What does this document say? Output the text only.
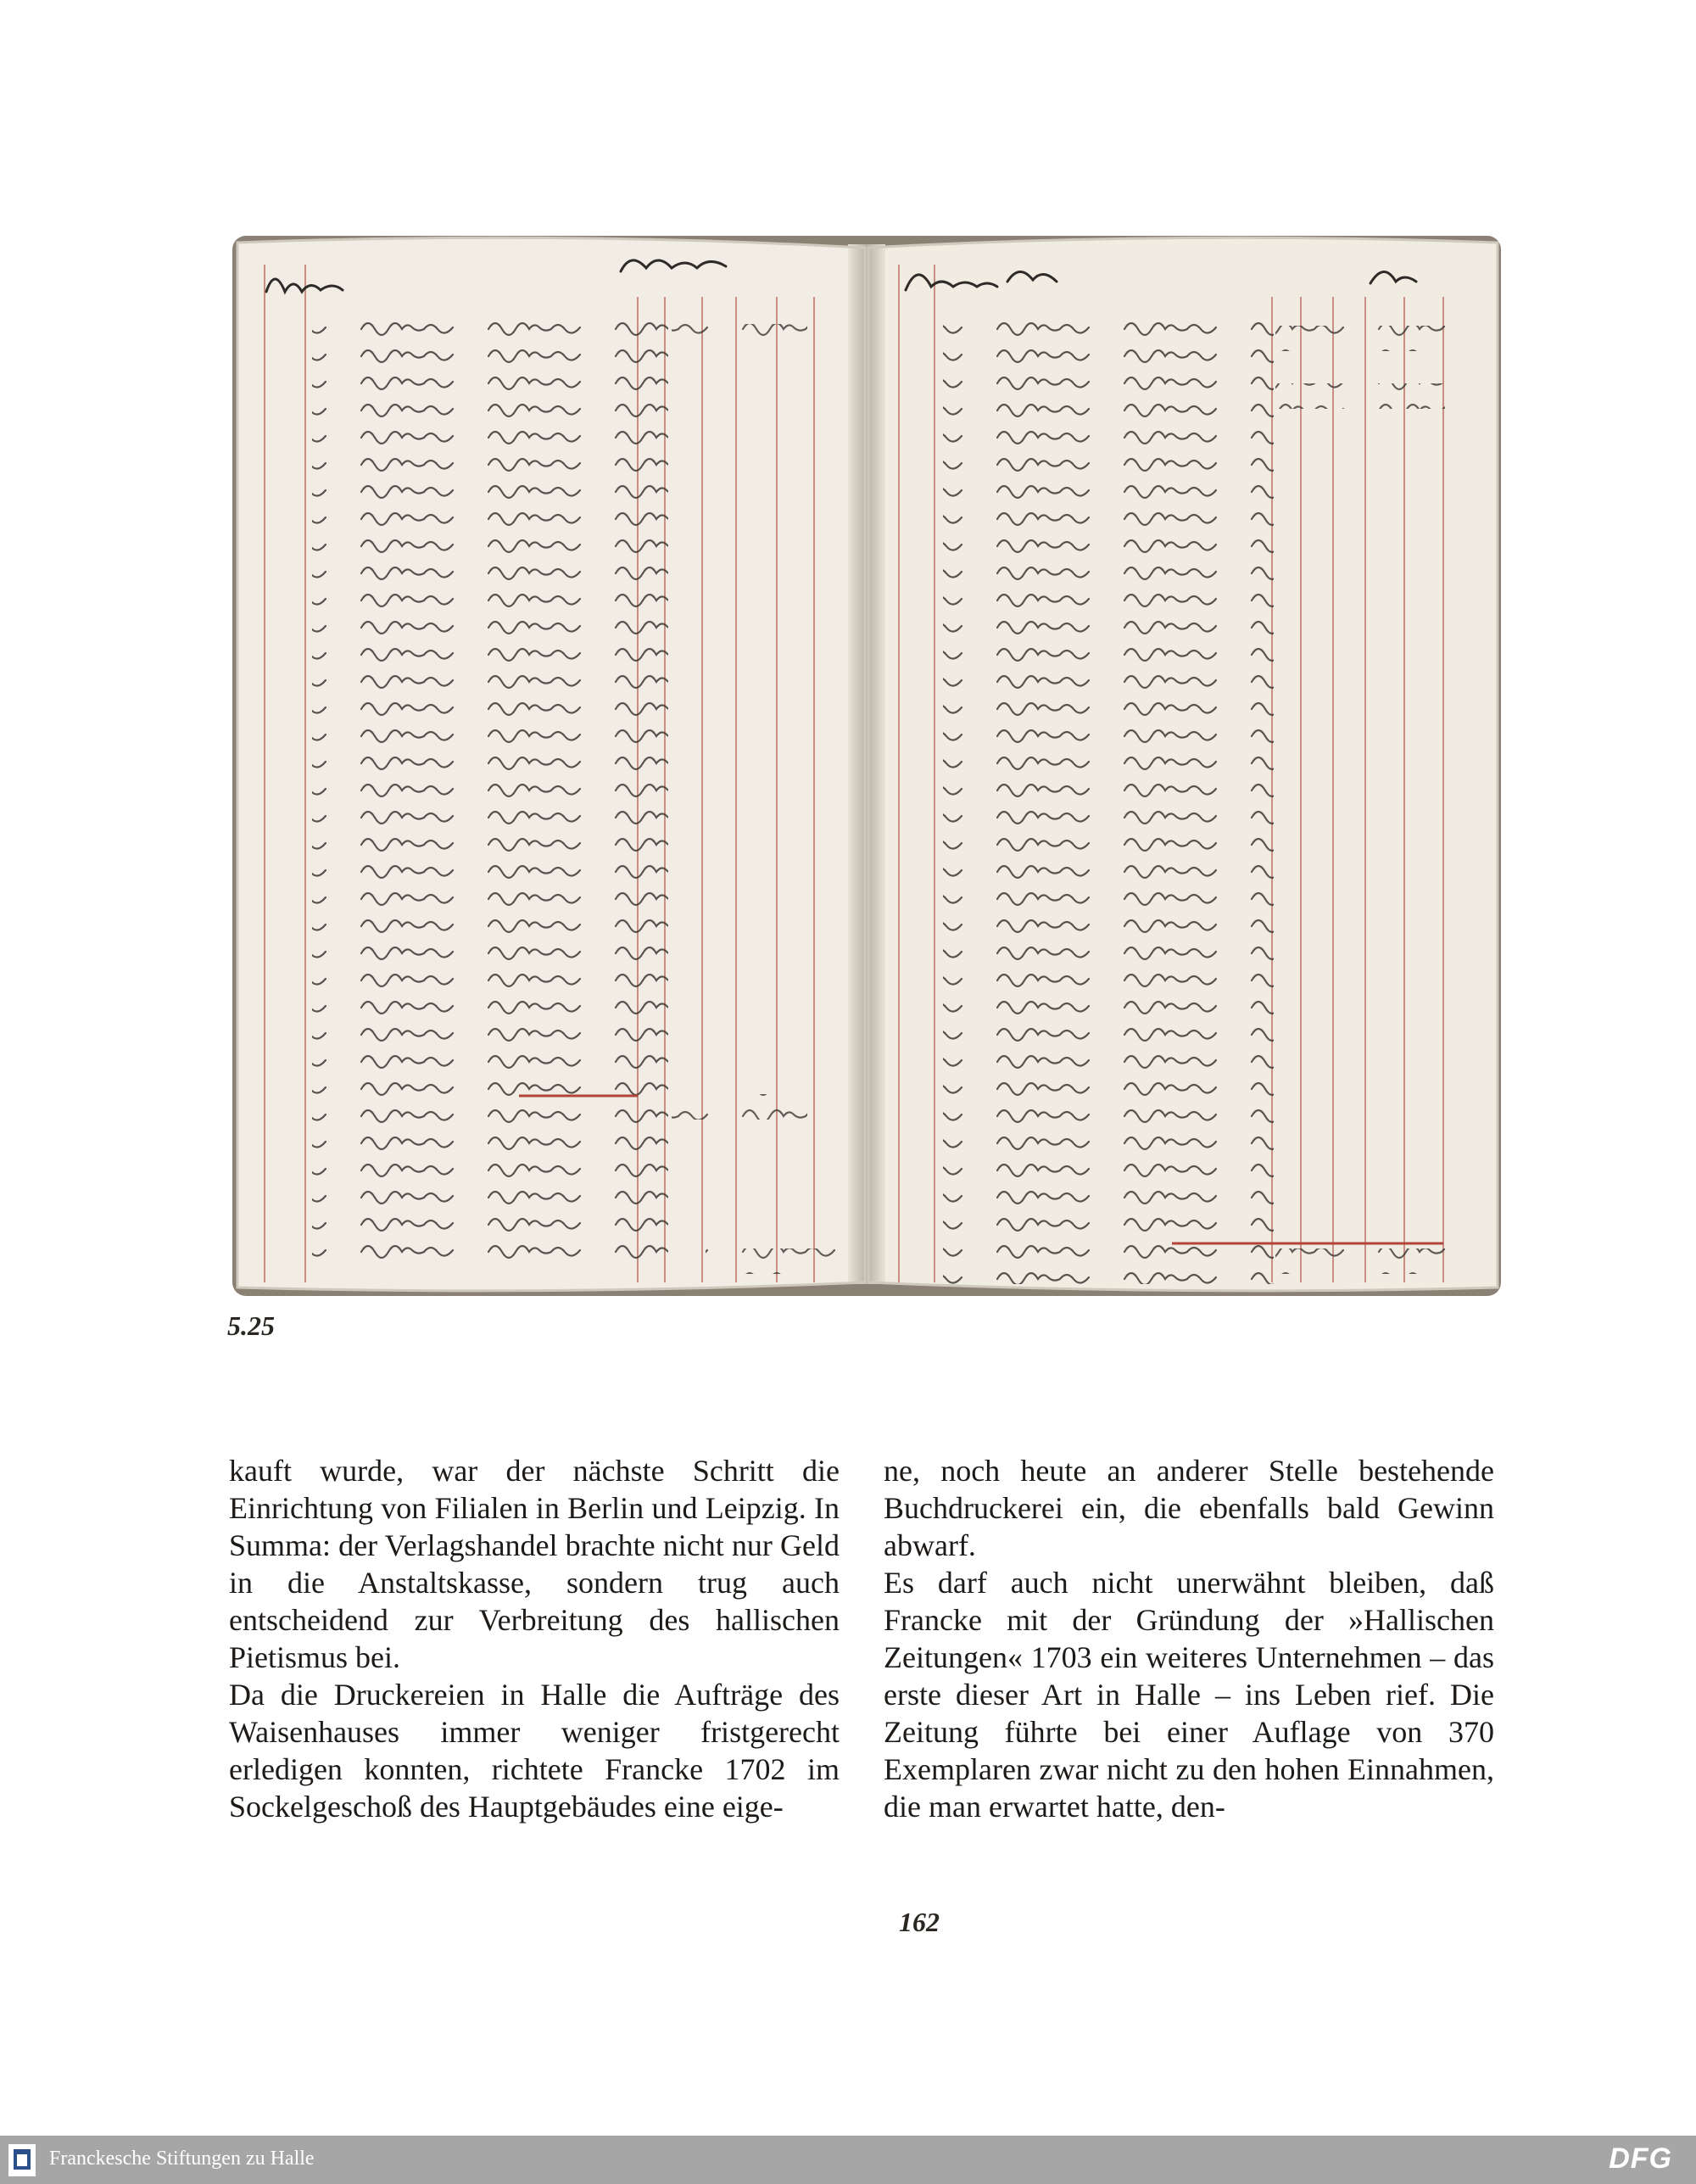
5.25

kauft wurde, war der nächste Schritt die Einrichtung von Filialen in Berlin und Leipzig. In Summa: der Verlagshandel brachte nicht nur Geld in die Anstaltskasse, sondern trug auch entscheidend zur Verbreitung des hallischen Pietismus bei.

Da die Druckereien in Halle die Aufträge des Waisenhauses immer weniger fristgerecht erledigen konnten, richtete Francke 1702 im Sockelgeschoß des Hauptgebäudes eine eige-

ne, noch heute an anderer Stelle bestehende Buchdruckerei ein, die ebenfalls bald Gewinn abwarf.

Es darf auch nicht unerwähnt bleiben, daß Francke mit der Gründung der »Hallischen Zeitungen« 1703 ein weiteres Unternehmen – das erste dieser Art in Halle – ins Leben rief. Die Zeitung führte bei einer Auflage von 370 Exemplaren zwar nicht zu den hohen Einnahmen, die man erwartet hatte, den-

162
Franckesche Stiftungen zu Halle	DFG
